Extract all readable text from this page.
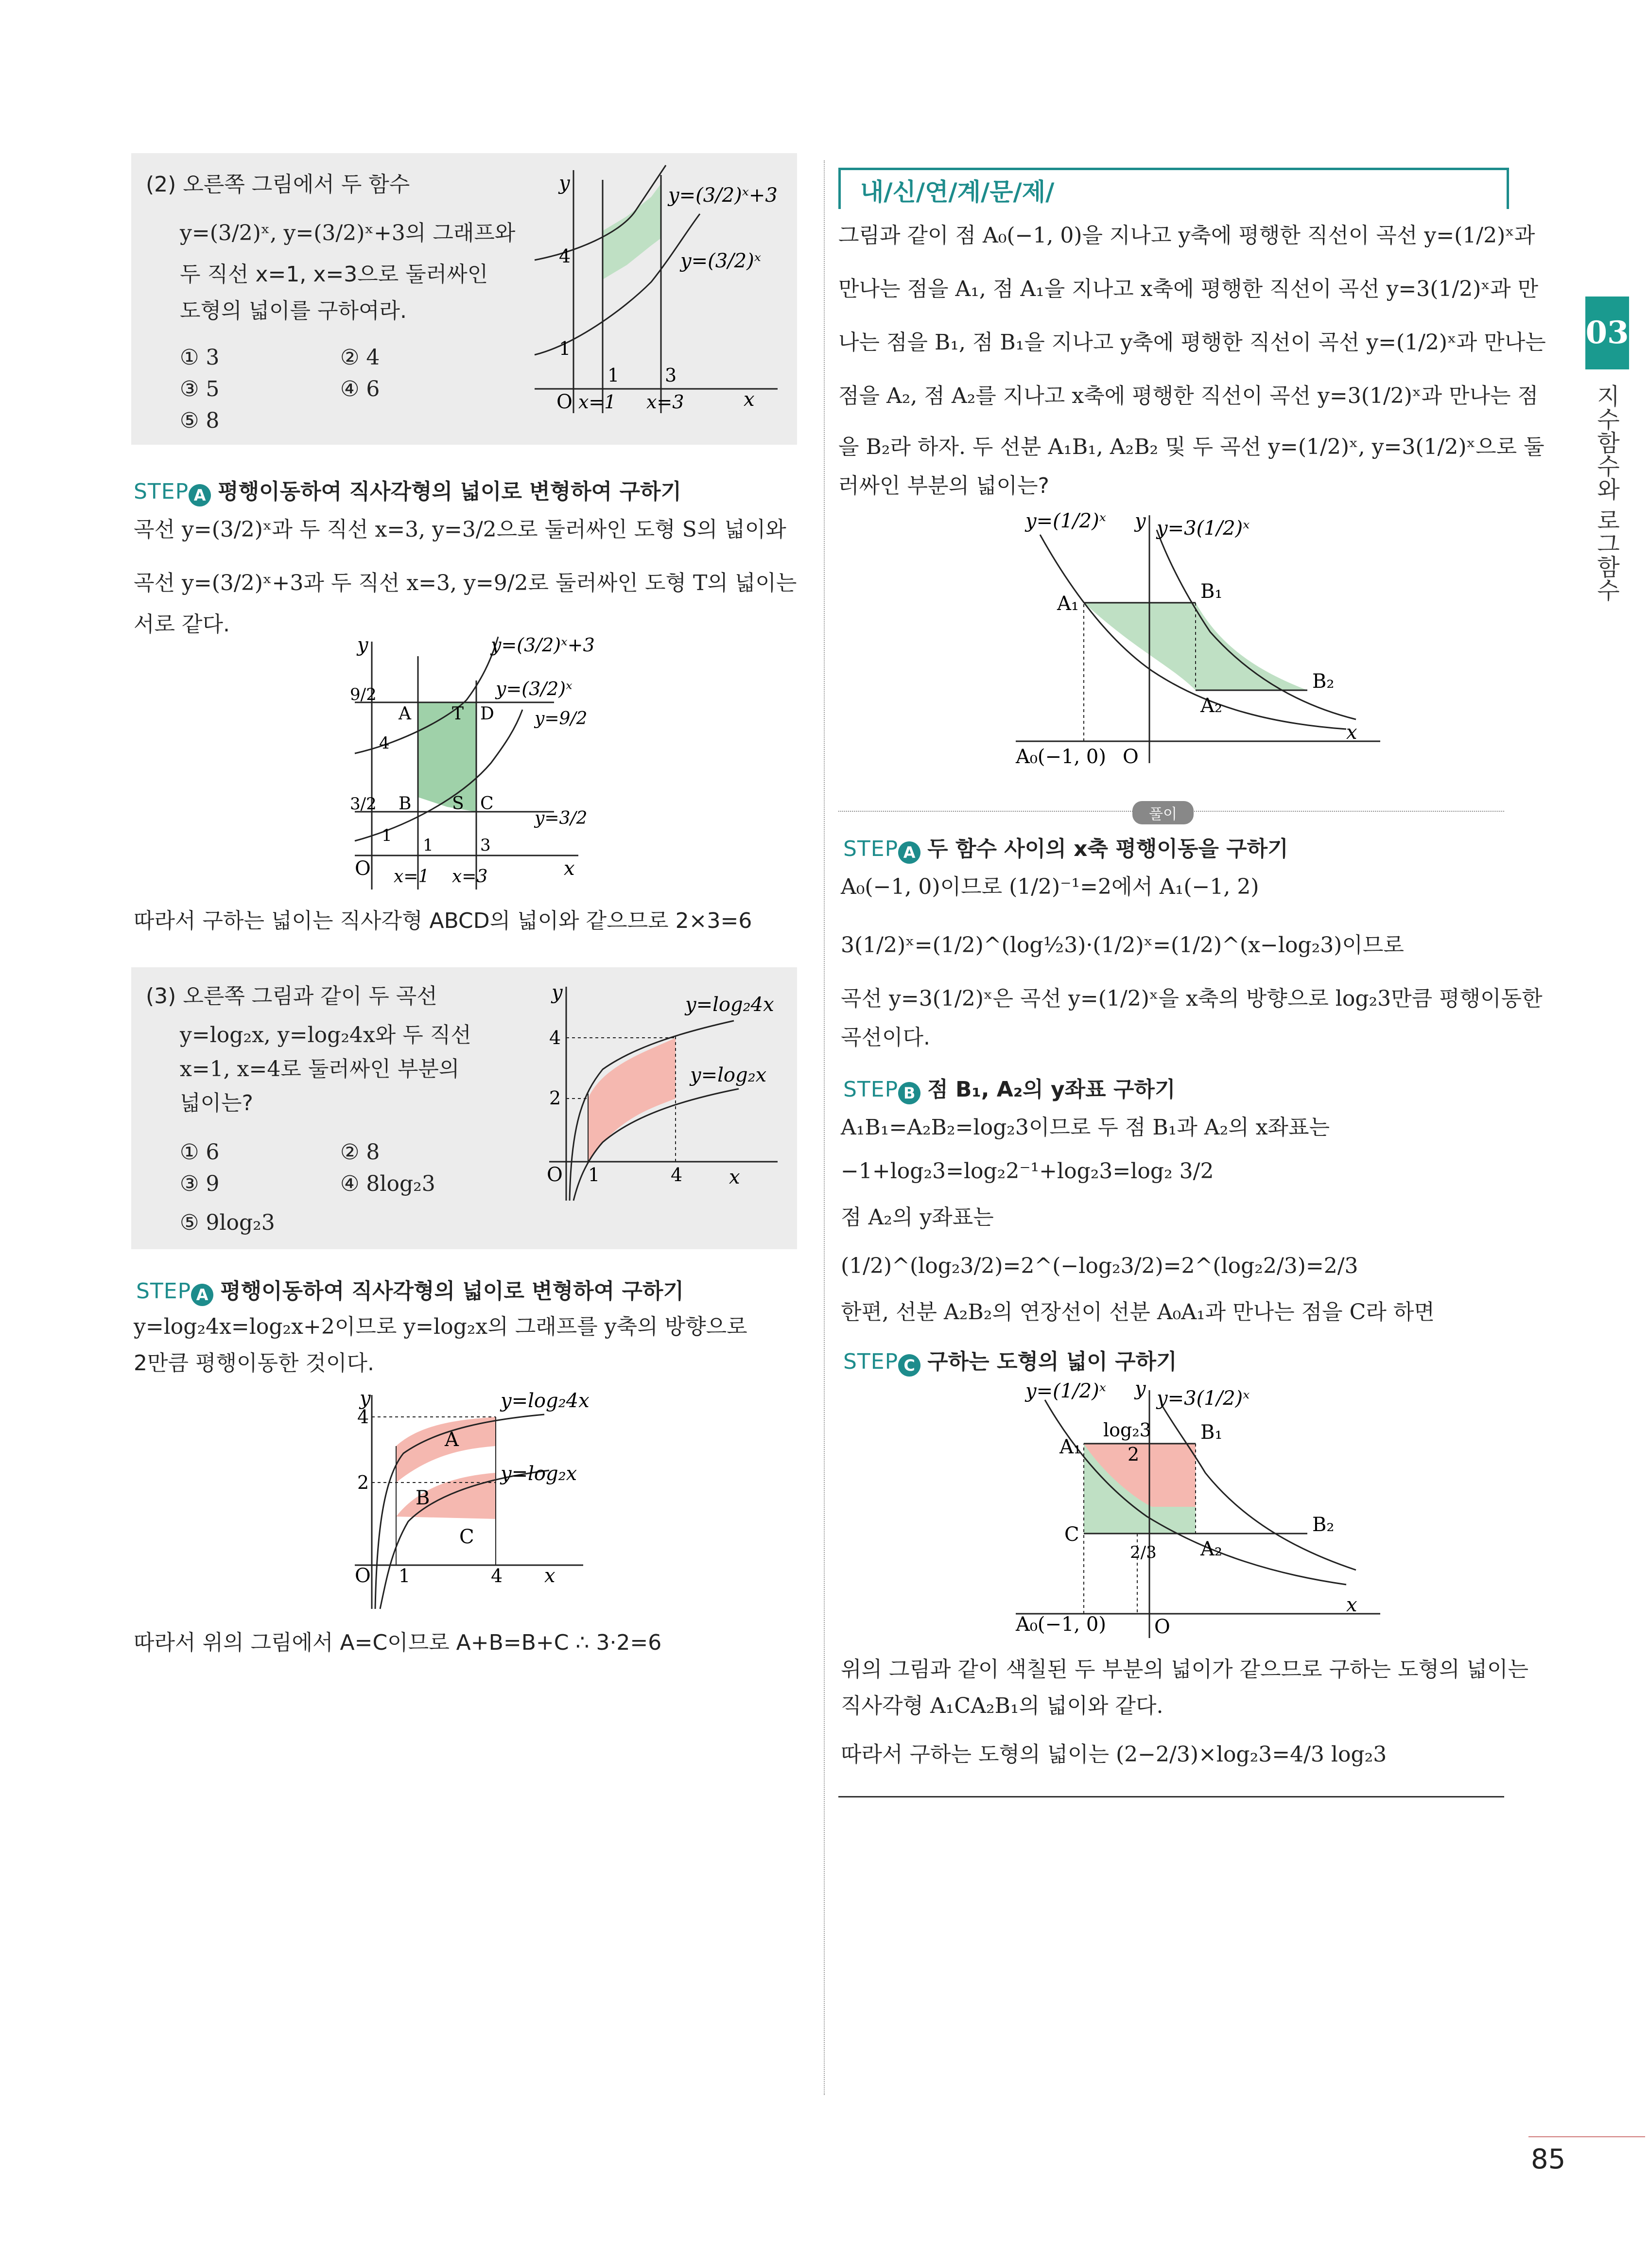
(2) 오른쪽 그림에서 두 함수
y=(3/2)ˣ, y=(3/2)ˣ+3의 그래프와
두 직선 x=1, x=3으로 둘러싸인
도형의 넓이를 구하여라.
① 3	② 4
③ 5	④ 6
⑤ 8
y
x
O
y=(3/2)ˣ+3
y=(3/2)ˣ
4
1
1 3
x=1 x=3
STEP A 평행이동하여 직사각형의 넓이로 변형하여 구하기
곡선 y=(3/2)ˣ과 두 직선 x=3, y=3/2으로 둘러싸인 도형 S의 넓이와
곡선 y=(3/2)ˣ+3과 두 직선 x=3, y=9/2로 둘러싸인 도형 T의 넓이는
서로 같다.
y
x
O
y=(3/2)ˣ+3
y=(3/2)ˣ
y=9/2
y=3/2
9/2
4
3/2
1
A T D
B S C
1	3
x=1 x=3
따라서 구하는 넓이는 직사각형 ABCD의 넓이와 같으므로 2×3=6
(3) 오른쪽 그림과 같이 두 곡선
y=log₂x, y=log₂4x와 두 직선
x=1, x=4로 둘러싸인 부분의
넓이는?
① 6	② 8
③ 9	④ 8log₂3
⑤ 9log₂3
y
x
O
y=log₂4x
y=log₂x
4
2
1	4
STEP A 평행이동하여 직사각형의 넓이로 변형하여 구하기
y=log₂4x=log₂x+2이므로 y=log₂x의 그래프를 y축의 방향으로
2만큼 평행이동한 것이다.
y
x
O
y=log₂4x
y=log₂x
4
2
1	4
A
B
C
따라서 위의 그림에서 A=C이므로 A+B=B+C ∴ 3·2=6
내/신/연/계/문/제/
그림과 같이 점 A₀(−1, 0)을 지나고 y축에 평행한 직선이 곡선 y=(1/2)ˣ과
만나는 점을 A₁, 점 A₁을 지나고 x축에 평행한 직선이 곡선 y=3(1/2)ˣ과 만
나는 점을 B₁, 점 B₁을 지나고 y축에 평행한 직선이 곡선 y=(1/2)ˣ과 만나는
점을 A₂, 점 A₂를 지나고 x축에 평행한 직선이 곡선 y=3(1/2)ˣ과 만나는 점
을 B₂라 하자. 두 선분 A₁B₁, A₂B₂ 및 두 곡선 y=(1/2)ˣ, y=3(1/2)ˣ으로 둘
러싸인 부분의 넓이는?
y=(1/2)ˣ	y=3(1/2)ˣ
y
x
O
A₁
B₁
A₂
B₂
A₀(−1, 0)
풀이
STEP A 두 함수 사이의 x축 평행이동을 구하기
A₀(−1, 0)이므로 (1/2)⁻¹=2에서 A₁(−1, 2)
3(1/2)ˣ=(1/2)^(log½3)·(1/2)ˣ=(1/2)^(x−log₂3)이므로
곡선 y=3(1/2)ˣ은 곡선 y=(1/2)ˣ을 x축의 방향으로 log₂3만큼 평행이동한
곡선이다.
STEP B 점 B₁, A₂의 y좌표 구하기
A₁B₁=A₂B₂=log₂3이므로 두 점 B₁과 A₂의 x좌표는
−1+log₂3=log₂2⁻¹+log₂3=log₂ 3/2
점 A₂의 y좌표는
(1/2)^(log₂3/2)=2^(−log₂3/2)=2^(log₂2/3)=2/3
한편, 선분 A₂B₂의 연장선이 선분 A₀A₁과 만나는 점을 C라 하면
STEP C 구하는 도형의 넓이 구하기
y=(1/2)ˣ	y=3(1/2)ˣ
y
x
O
A₁
B₁
A₂
B₂
C
A₀(−1, 0)
log₂3
2
2/3
위의 그림과 같이 색칠된 두 부분의 넓이가 같으므로 구하는 도형의 넓이는
직사각형 A₁CA₂B₁의 넓이와 같다.
따라서 구하는 도형의 넓이는 (2−2/3)×log₂3=4/3 log₂3
03
지수함수와 로그함수
85
